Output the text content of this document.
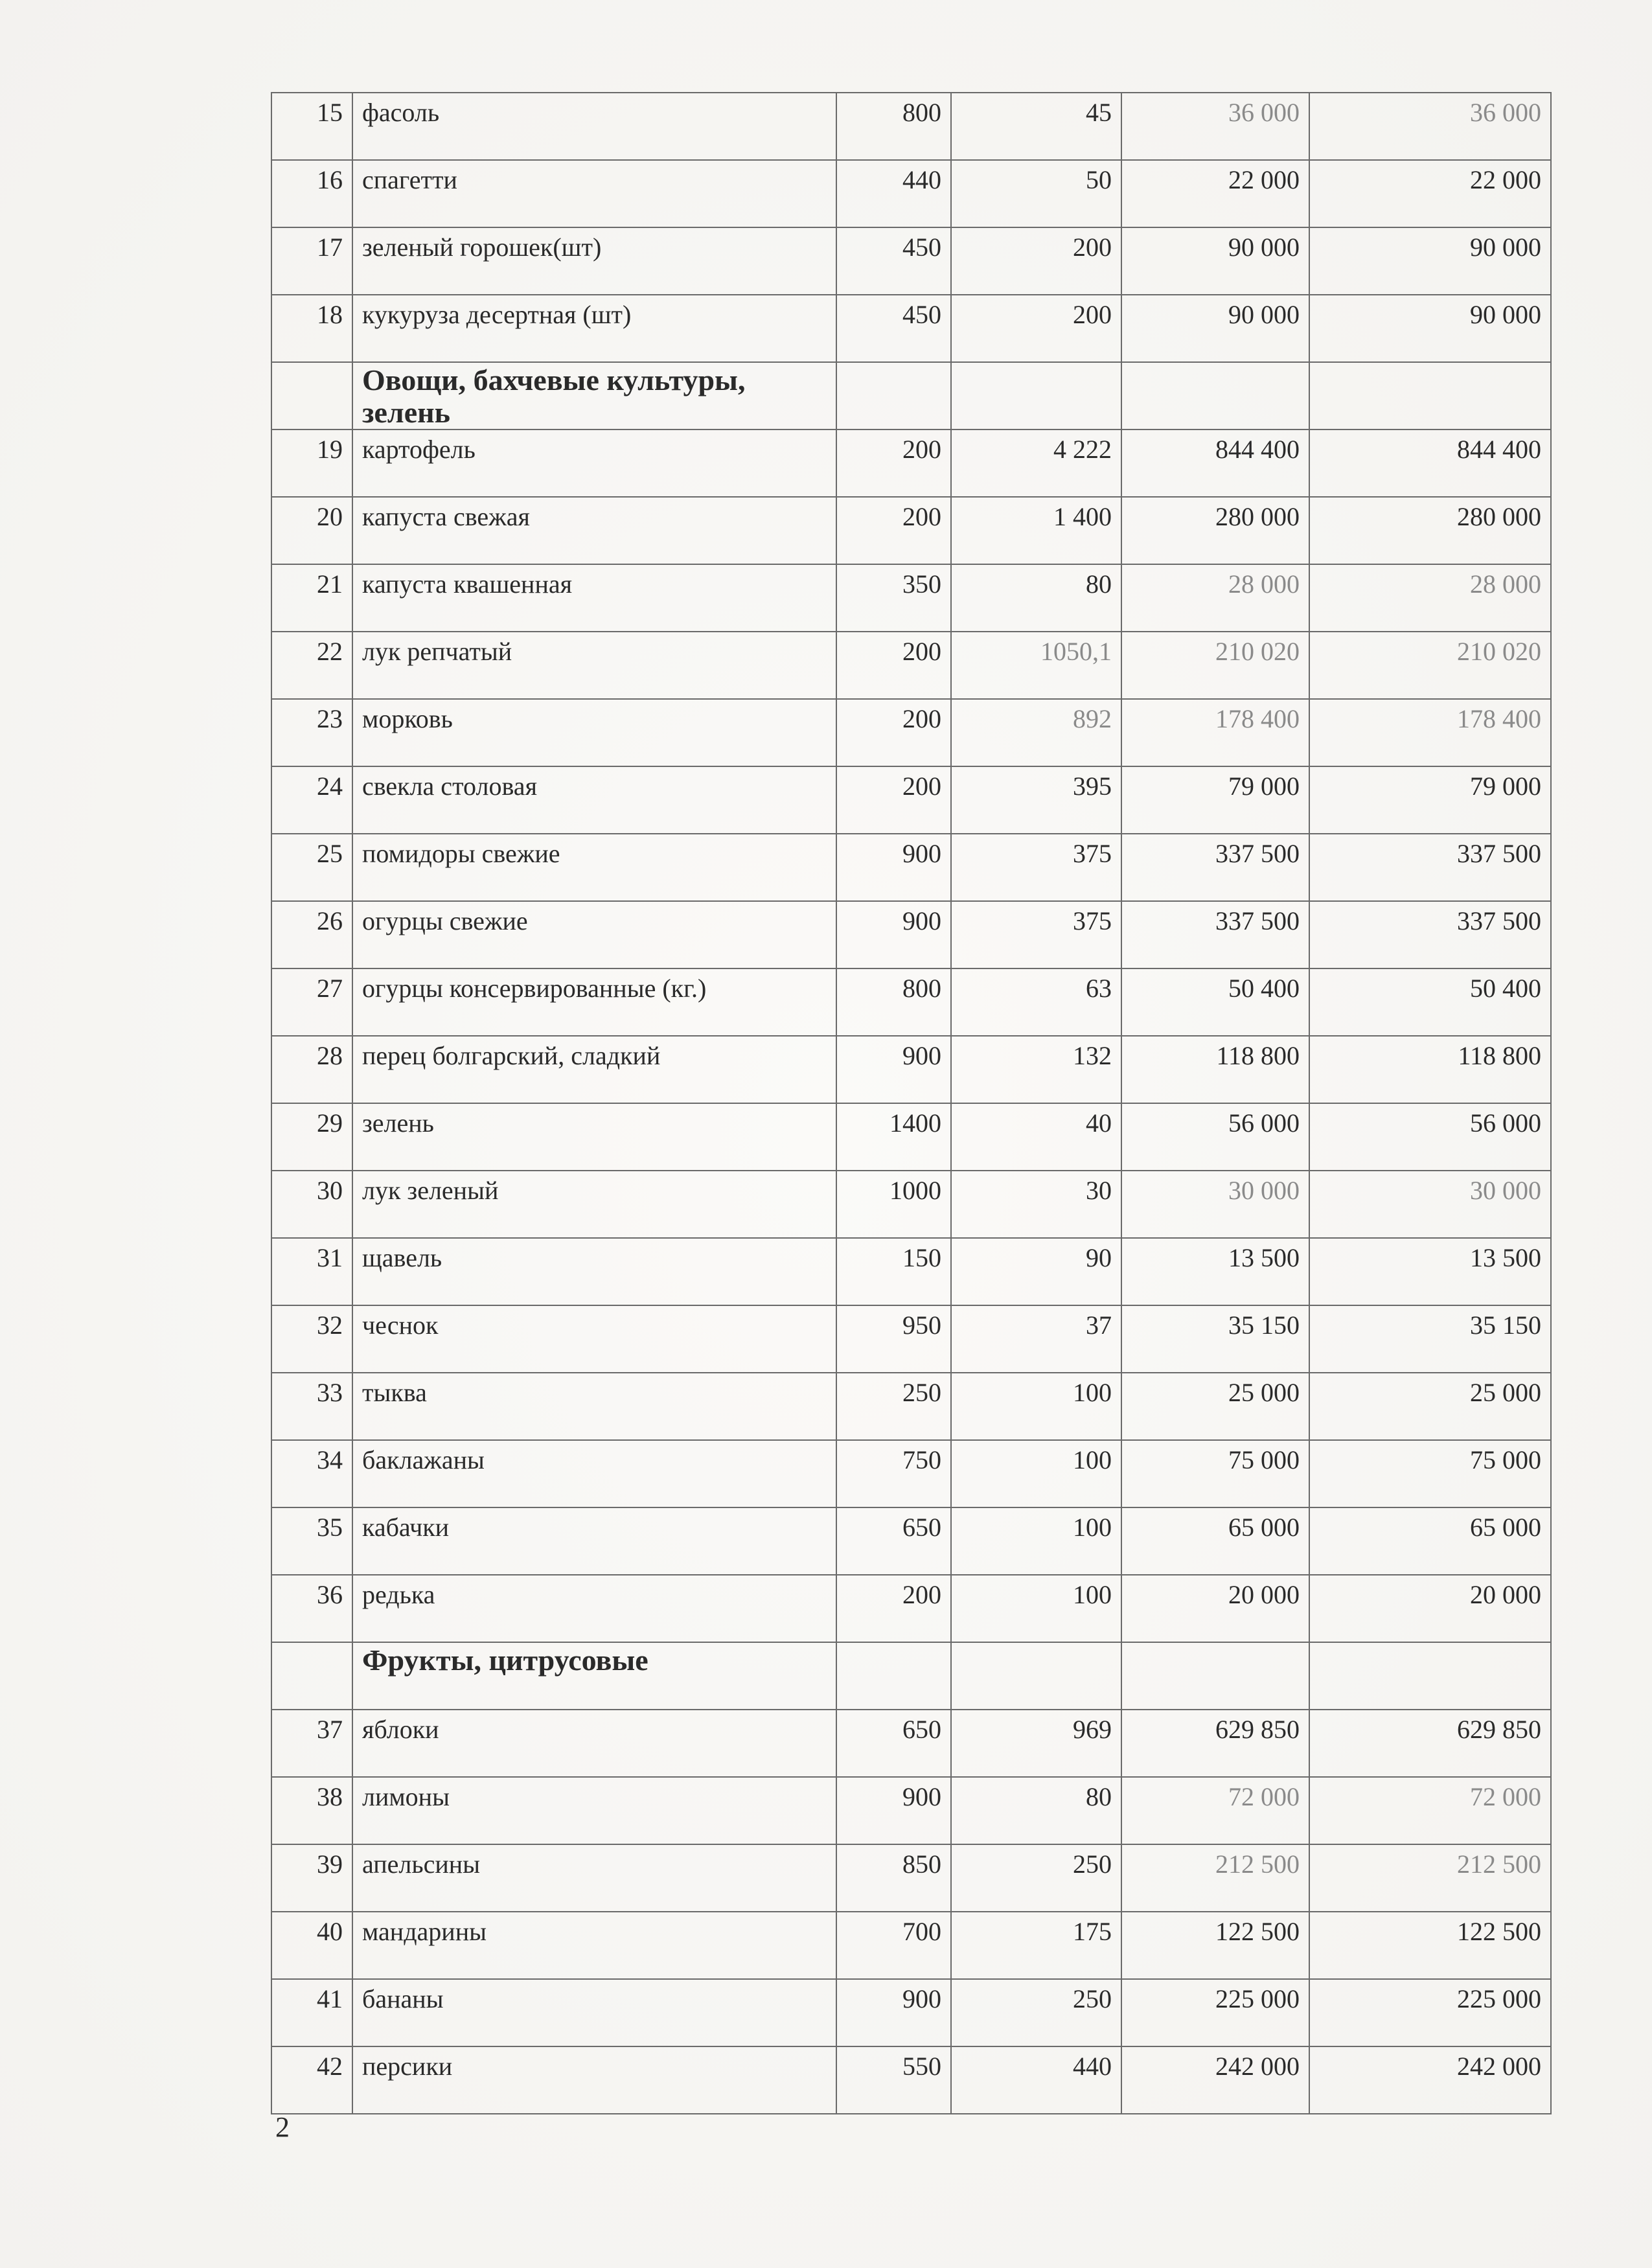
15	фасоль	800	45	36 000	36 000
16	спагетти	440	50	22 000	22 000
17	зеленый горошек(шт)	450	200	90 000	90 000
18	кукуруза десертная (шт)	450	200	90 000	90 000
	Овощи, бахчевые культуры, зелень				
19	картофель	200	4 222	844 400	844 400
20	капуста свежая	200	1 400	280 000	280 000
21	капуста квашенная	350	80	28 000	28 000
22	лук репчатый	200	1050,1	210 020	210 020
23	морковь	200	892	178 400	178 400
24	свекла столовая	200	395	79 000	79 000
25	помидоры свежие	900	375	337 500	337 500
26	огурцы свежие	900	375	337 500	337 500
27	огурцы консервированные (кг.)	800	63	50 400	50 400
28	перец болгарский, сладкий	900	132	118 800	118 800
29	зелень	1400	40	56 000	56 000
30	лук зеленый	1000	30	30 000	30 000
31	щавель	150	90	13 500	13 500
32	чеснок	950	37	35 150	35 150
33	тыква	250	100	25 000	25 000
34	баклажаны	750	100	75 000	75 000
35	кабачки	650	100	65 000	65 000
36	редька	200	100	20 000	20 000
	Фрукты, цитрусовые				
37	яблоки	650	969	629 850	629 850
38	лимоны	900	80	72 000	72 000
39	апельсины	850	250	212 500	212 500
40	мандарины	700	175	122 500	122 500
41	бананы	900	250	225 000	225 000
42	персики	550	440	242 000	242 000
2
